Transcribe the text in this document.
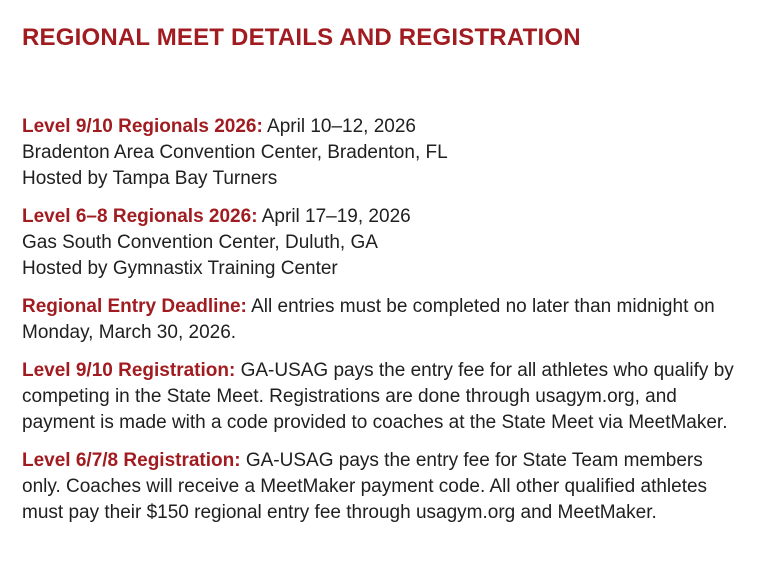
REGIONAL MEET DETAILS AND REGISTRATION

Level 9/10 Regionals 2026: April 10–12, 2026
Bradenton Area Convention Center, Bradenton, FL
Hosted by Tampa Bay Turners

Level 6–8 Regionals 2026: April 17–19, 2026
Gas South Convention Center, Duluth, GA
Hosted by Gymnastix Training Center

Regional Entry Deadline: All entries must be completed no later than midnight on Monday, March 30, 2026.

Level 9/10 Registration: GA-USAG pays the entry fee for all athletes who qualify by competing in the State Meet. Registrations are done through usagym.org, and payment is made with a code provided to coaches at the State Meet via MeetMaker.

Level 6/7/8 Registration: GA-USAG pays the entry fee for State Team members only. Coaches will receive a MeetMaker payment code. All other qualified athletes must pay their $150 regional entry fee through usagym.org and MeetMaker.
